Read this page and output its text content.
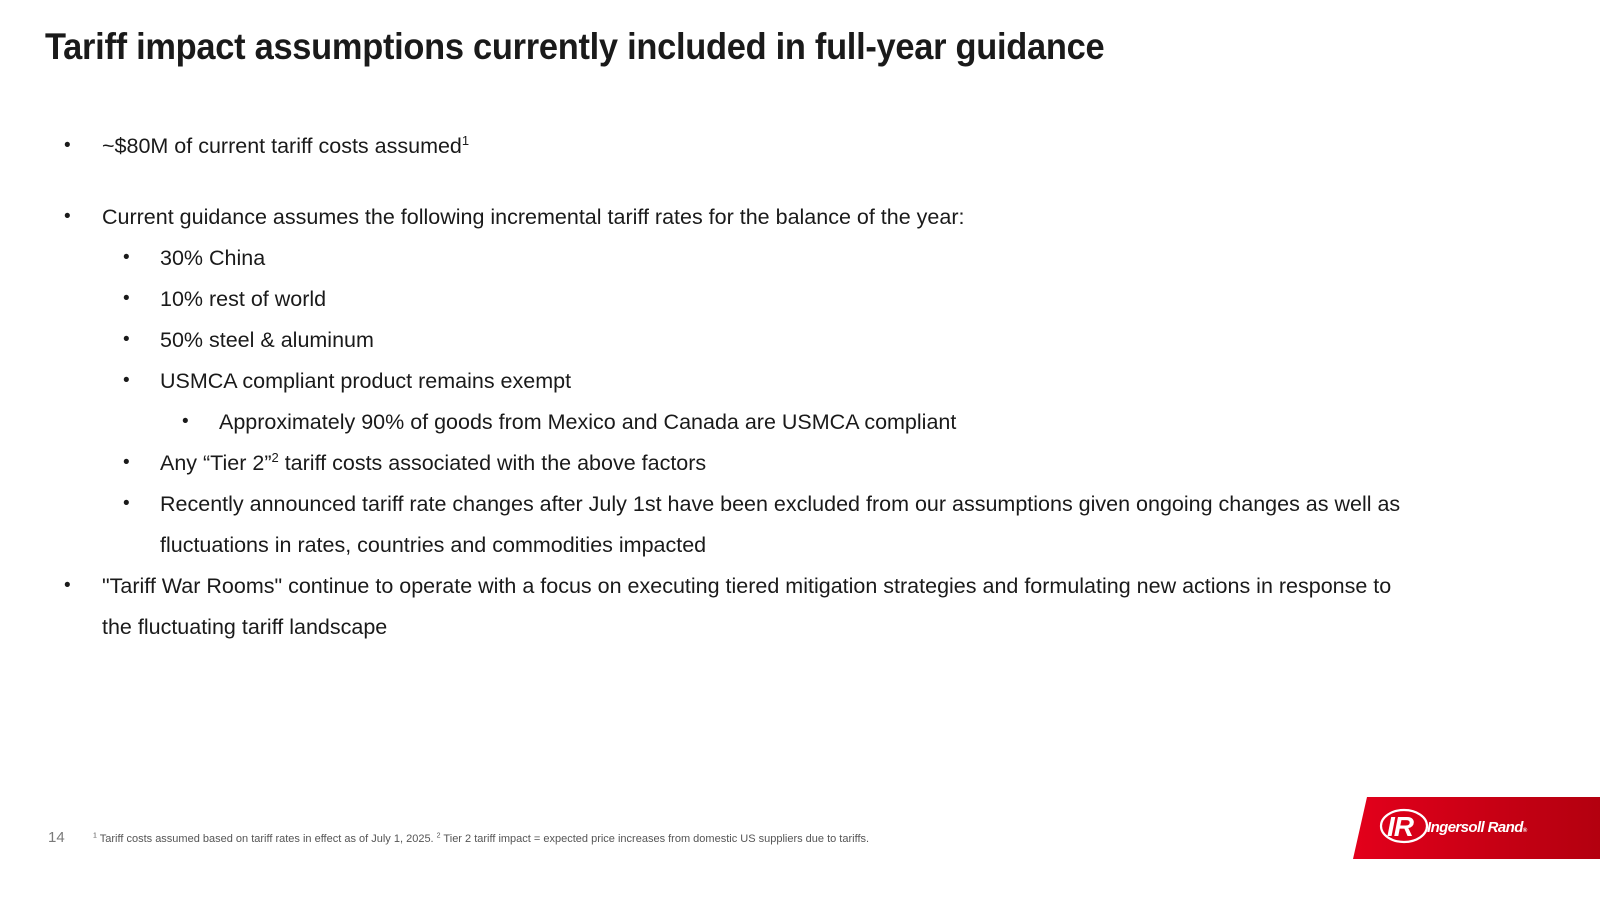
Tariff impact assumptions currently included in full-year guidance
•	~$80M of current tariff costs assumed$^1$
•	Current guidance assumes the following incremental tariff rates for the balance of the year:
•	30% China
•	10% rest of world
•	50% steel & aluminum
•	USMCA compliant product remains exempt
•	Approximately 90% of goods from Mexico and Canada are USMCA compliant
•	Any “Tier 2”$^2$ tariff costs associated with the above factors
•	Recently announced tariff rate changes after July 1st have been excluded from our assumptions given ongoing changes as well as
fluctuations in rates, countries and commodities impacted
•	"Tariff War Rooms" continue to operate with a focus on executing tiered mitigation strategies and formulating new actions in response to
the fluctuating tariff landscape
14	$^1$ Tariff costs assumed based on tariff rates in effect as of July 1, 2025. $^2$ Tier 2 tariff impact = expected price increases from domestic US suppliers due to tariffs.	IR Ingersoll Rand®
